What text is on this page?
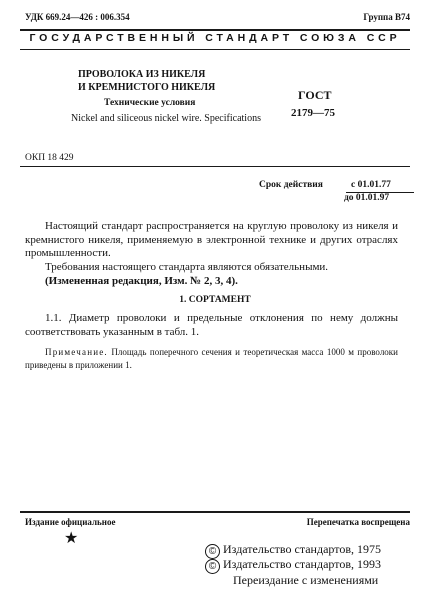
УДК 669.24—426 : 006.354	Группа В74
ГОСУДАРСТВЕННЫЙ СТАНДАРТ СОЮЗА ССР
ПРОВОЛОКА ИЗ НИКЕЛЯ
И КРЕМНИСТОГО НИКЕЛЯ
Технические условия
Nickel and siliceous nickel wire. Specifications
ГОСТ
2179—75
ОКП 18 429
Срок действия	с 01.01.77
до 01.01.97
Настоящий стандарт распространяется на круглую проволоку из никеля и кремнистого никеля, применяемую в электронной технике и других отраслях промышленности.
Требования настоящего стандарта являются обязательными.
(Измененная редакция, Изм. № 2, 3, 4).
1. СОРТАМЕНТ
1.1. Диаметр проволоки и предельные отклонения по нему должны соответствовать указанным в табл. 1.
Примечание. Площадь поперечного сечения и теоретическая масса 1000 м проволоки приведены в приложении 1.
Издание официальное	Перепечатка воспрещена
★
© Издательство стандартов, 1975
© Издательство стандартов, 1993
Переиздание с изменениями
